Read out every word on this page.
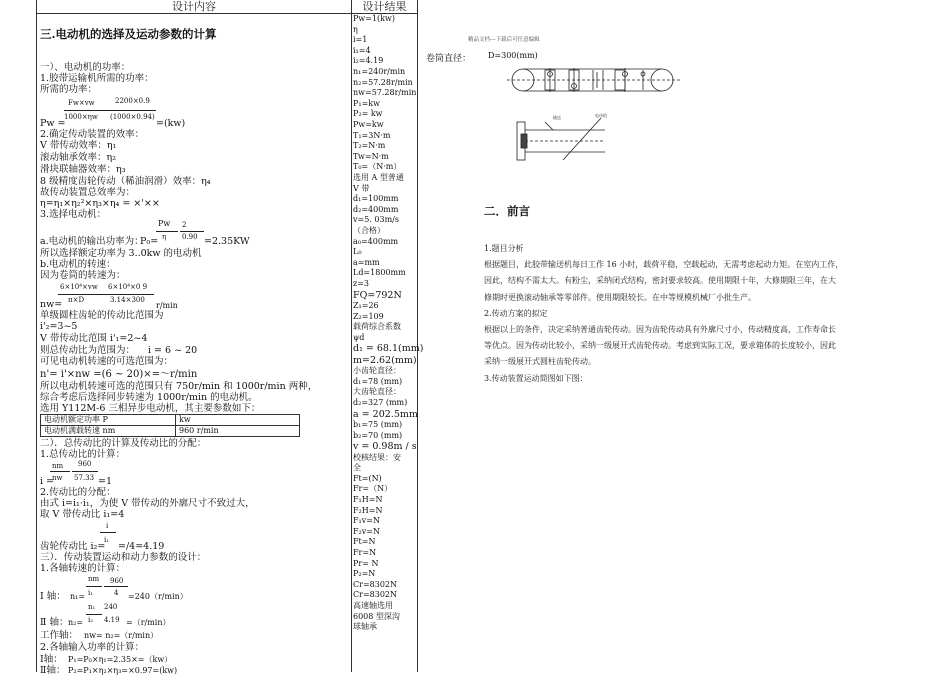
设计内容	设计结果
三.电动机的选择及运动参数的计算
一）、电动机的功率：
1.胶带运输机所需的功率：
所需的功率：
Fw×vw	2200×0.9
1000×ηw (1000×0.94)
Pw =	=(kw)
2.确定传动装置的效率：
V 带传动效率：η₁
滚动轴承效率：η₂
滑块联轴器效率：η₃
8 级精度齿轮传动（稀油润滑）效率：η₄
故传动装置总效率为：
η=η₁×η₂²×η₃×η₄ = ×'××
3.选择电动机：
Pw 2
η 0.90
a.电动机的输出功率为：
P₀=	=2.35KW
所以选择额定功率为 3..0kw 的电动机
b.电动机的转速：
因为卷筒的转速为：
6×10⁴×vw 6×10⁴×0 9
π×D	3.14×300
nw=	r/min
单级圆柱齿轮的传动比范围为
i'₂=3~5
V 带传动比范围 i'₁=2~4
则总传动比为范围为： i = 6 ~ 20
可见电动机转速的可选范围为：
n'= i'×nw =(6 ~ 20)×=～r/min
所以电动机转速可选的范围只有 750r/min 和 1000r/min 两种，
综合考虑后选择同步转速为 1000r/min 的电动机。
选用 Y112M-6 三相异步电动机，其主要参数如下：
电动机额定功率 P	kw
电动机满载转速 nm	960 r/min
二）．总传动比的计算及传动比的分配：
1.总传动比的计算：
nm 960
nw 57.33
i =	=1
2.传动比的分配：
由式 i=i₁·i₁，为使 V 带传动的外廓尺寸不致过大，
取 V 带传动比 i₁=4
i
i₁
齿轮传动比 i₂= =/4=4.19
三）．传动装置运动和动力参数的设计：
1.各轴转速的计算：
nm 960
i₁	4
Ⅰ 轴： n₁=	=240（r/min）
n₁ 240
i₂ 4.19
Ⅱ 轴： n₂=	=（r/min）
工作轴： nw= n₂=（r/min）
2.各轴输入功率的计算：
Ⅰ轴： P₁=P₀×η₁=2.35×=（kw）
Ⅱ轴： P₂=P₁×η₂×η₃=×0.97=(kw)
Pw=1(kw)
η
i=1
i₁=4
i₂=4.19
n₁=240r/min
n₂=57.28r/min
nw=57.28r/min
P₁=kw
P₂= kw
Pw=kw
T₁=3N·m
T₂=N·m
Tw=N·m
T₀=（N·m）
选用 A 型普通
V 带
d₁=100mm
d₂=400mm
v=5. 03m/s
（合格）
a₀=400mm
L₀
a=mm
Ld=1800mm
z=3
FQ=792N
Z₁=26
Z₂=109
载荷综合系数
ψd
d₁ = 68.1(mm)
m=2.62(mm)
小齿轮直径：
d₁=78 (mm)
大齿轮直径：
d₂=327 (mm)
a = 202.5mm
b₁=75 (mm)
b₂=70 (mm)
v = 0.98m / s
校核结果：安
全
Ft=(N)
Fr=（N）
F₁H=N
F₂H=N
F₁v=N
F₂v=N
Ft=N
Fr=N
Pr= N
P₂=N
Cr=8302N
Cr=8302N
高速轴选用
6008 型深沟
球轴承
精品文档---下载后可任意编辑
卷筒直径： D=300(mm)
输送	电动机
二．前言
1.题目分析
根据题目，此胶带输送机每日工作 16 小时，载荷平稳，空载起动，无需考虑起动力矩。在室内工作，
因此，结构不需太大。有粉尘，采纳闭式结构，密封要求较高。使用期限十年，大修期限三年，在大
修期时更换滚动轴承等零部件。使用期限较长。在中等规模机械厂小批生产。
2.传动方案的拟定
根据以上的条件，决定采纳普通齿轮传动。因为齿轮传动具有外廓尺寸小，传动精度高，工作寿命长
等优点。因为传动比较小，采纳一级展开式齿轮传动。考虑到实际工况，要求箱体的长度较小，因此
采纳一级展开式圆柱齿轮传动。
3.传动装置运动简图如下图：
